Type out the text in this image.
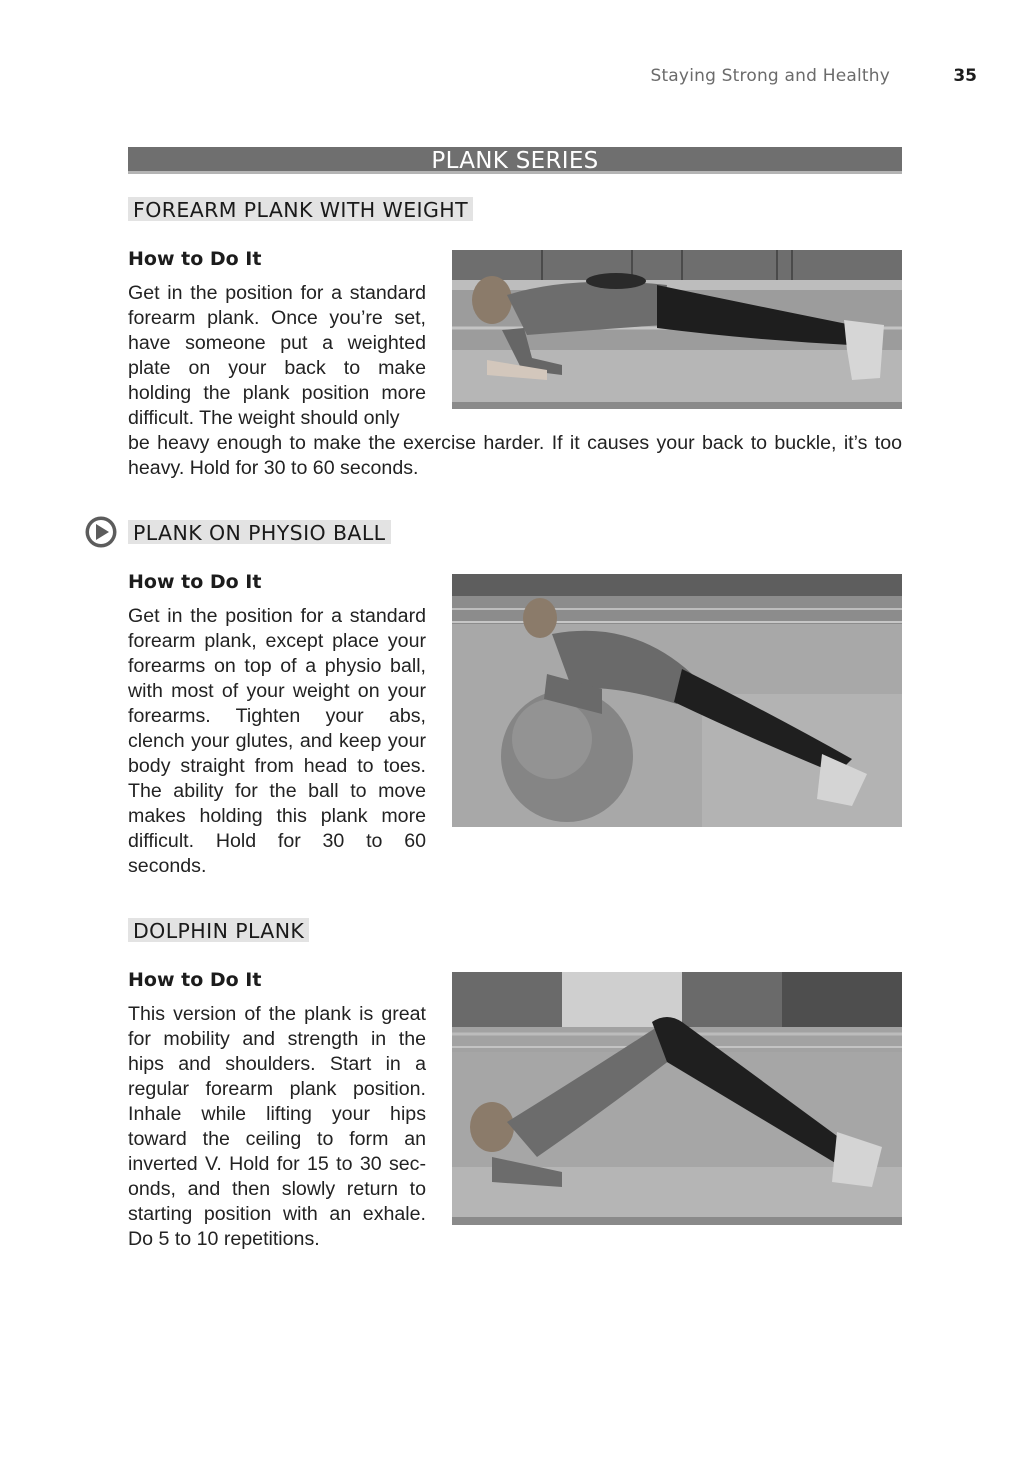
Staying Strong and Healthy	35
PLANK SERIES
FOREARM PLANK WITH WEIGHT
How to Do It
Get in the position for a standard forearm plank. Once you’re set, have someone put a weighted plate on your back to make holding the plank position more difficult. The weight should only
be heavy enough to make the exercise harder. If it causes your back to buckle, it’s too heavy. Hold for 30 to 60 seconds.
PLANK ON PHYSIO BALL
How to Do It
Get in the position for a standard forearm plank, except place your forearms on top of a physio ball, with most of your weight on your forearms. Tighten your abs, clench your glutes, and keep your body straight from head to toes. The ability for the ball to move makes holding this plank more difficult. Hold for 30 to 60 seconds.
DOLPHIN PLANK
How to Do It
This version of the plank is great for mobility and strength in the hips and shoulders. Start in a regular forearm plank position. Inhale while lifting your hips toward the ceiling to form an inverted V. Hold for 15 to 30 sec-onds, and then slowly return to starting position with an exhale. Do 5 to 10 repetitions.
